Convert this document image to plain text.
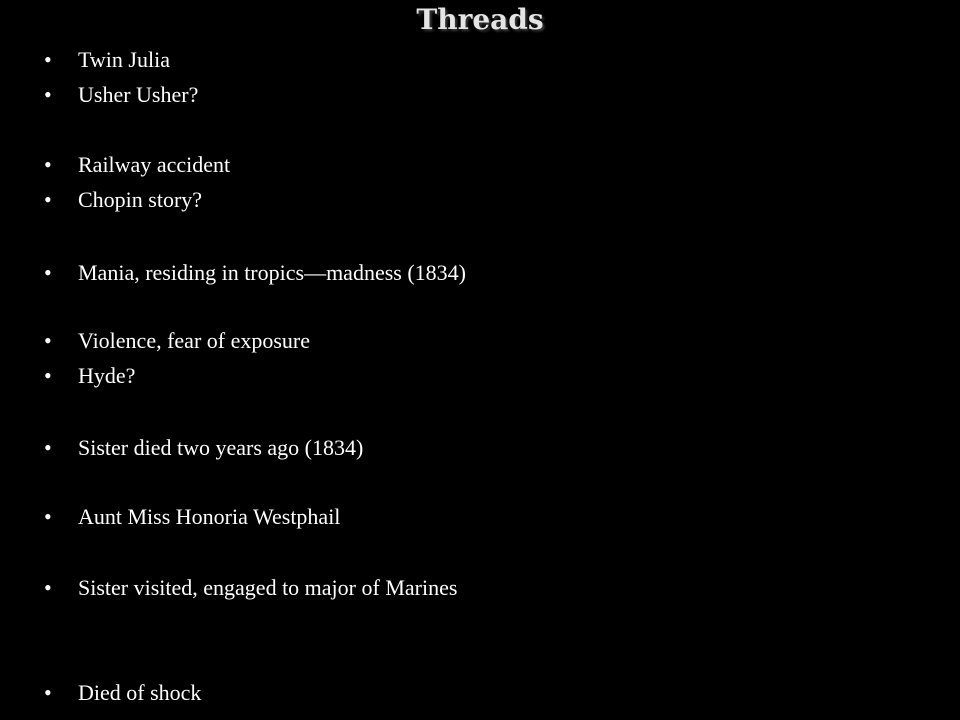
Threads
•	Twin Julia
•	Usher Usher?
•	Railway accident
•	Chopin story?
•	Mania, residing in tropics—madness (1834)
•	Violence, fear of exposure
•	Hyde?
•	Sister died two years ago (1834)
•	Aunt Miss Honoria Westphail
•	Sister visited, engaged to major of Marines
•	Died of shock
